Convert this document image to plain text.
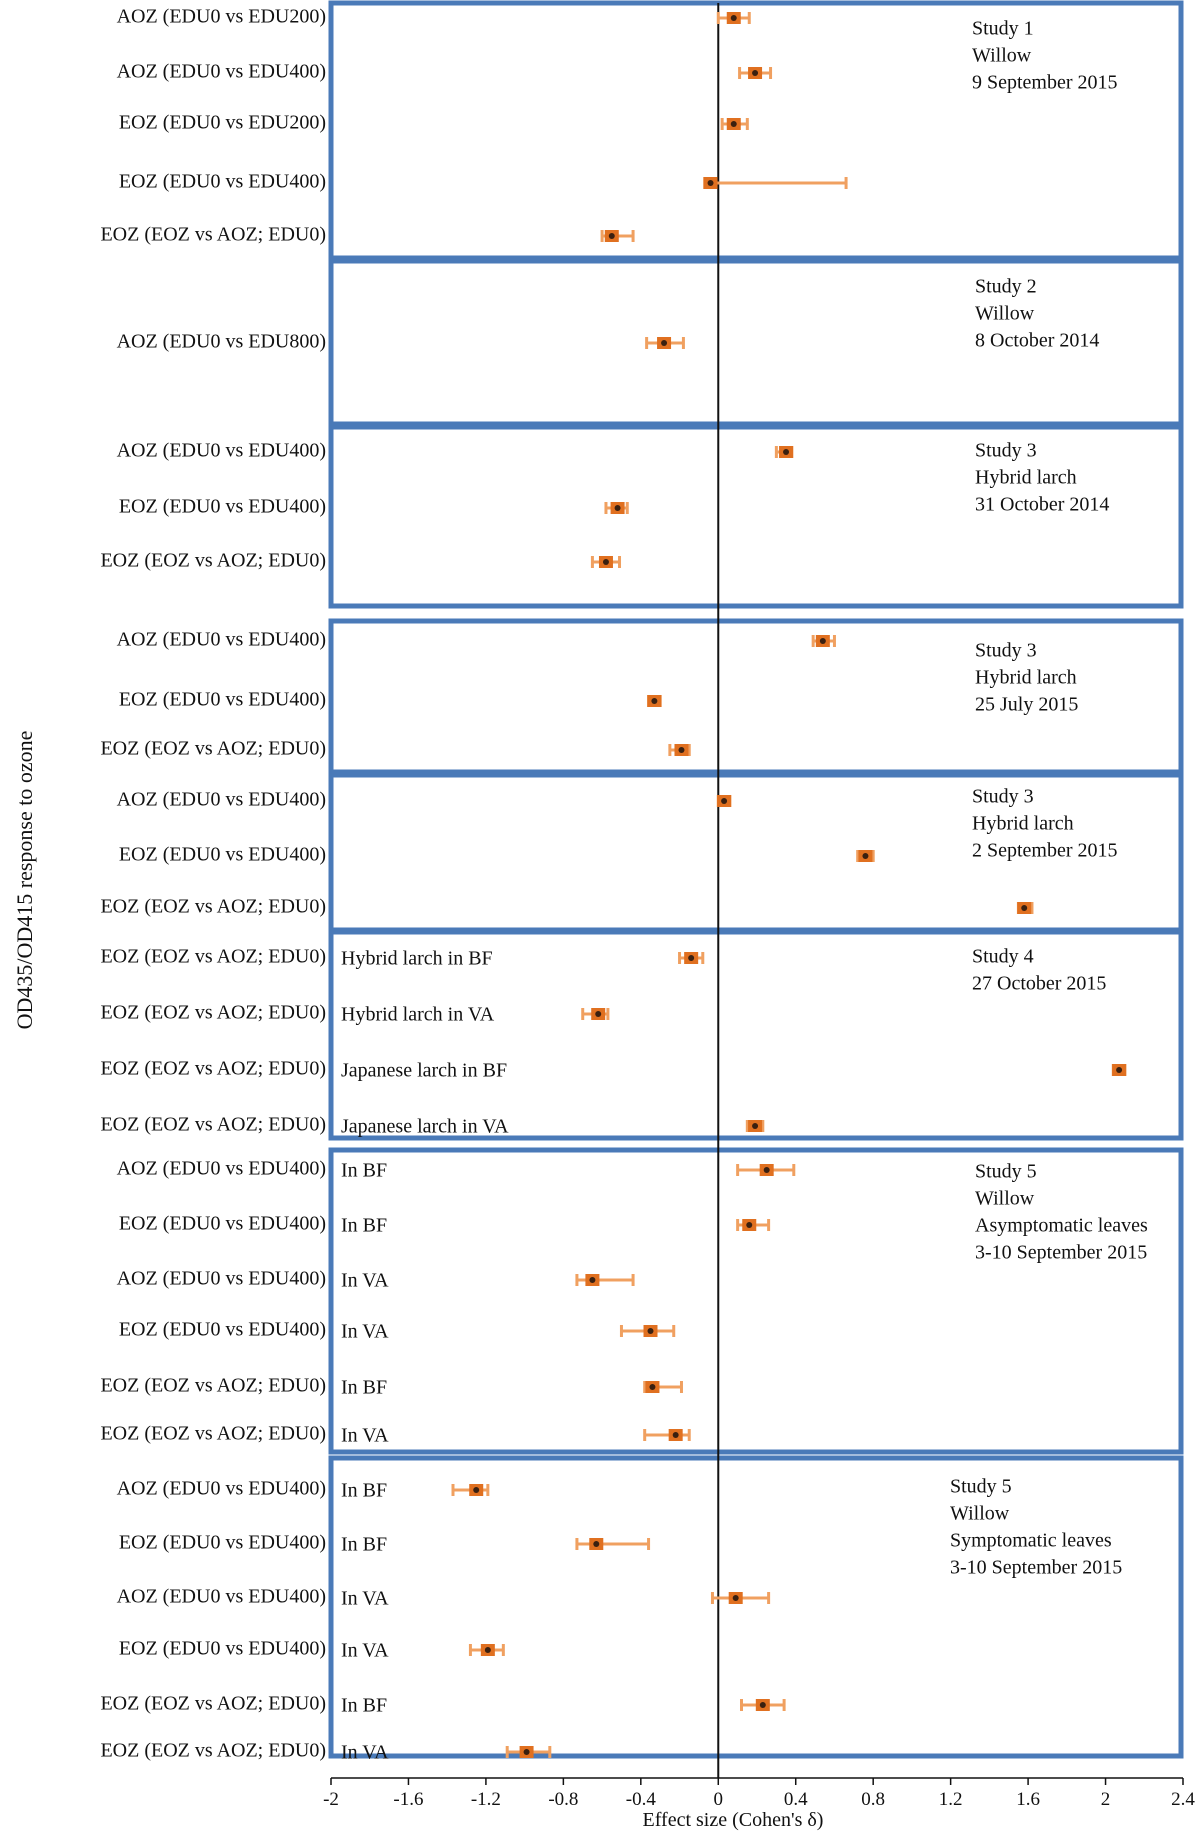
AOZ (EDU0 vs EDU200)
AOZ (EDU0 vs EDU400)
EOZ (EDU0 vs EDU200)
EOZ (EDU0 vs EDU400)
EOZ (EOZ vs AOZ; EDU0)
AOZ (EDU0 vs EDU800)
AOZ (EDU0 vs EDU400)
EOZ (EDU0 vs EDU400)
EOZ (EOZ vs AOZ; EDU0)
AOZ (EDU0 vs EDU400)
EOZ (EDU0 vs EDU400)
EOZ (EOZ vs AOZ; EDU0)
AOZ (EDU0 vs EDU400)
EOZ (EDU0 vs EDU400)
EOZ (EOZ vs AOZ; EDU0)
EOZ (EOZ vs AOZ; EDU0) Hybrid larch in BF
EOZ (EOZ vs AOZ; EDU0) Hybrid larch in VA
EOZ (EOZ vs AOZ; EDU0) Japanese larch in BF
EOZ (EOZ vs AOZ; EDU0) Japanese larch in VA
AOZ (EDU0 vs EDU400) In BF
EOZ (EDU0 vs EDU400) In BF
AOZ (EDU0 vs EDU400) In VA
EOZ (EDU0 vs EDU400) In VA
EOZ (EOZ vs AOZ; EDU0) In BF
EOZ (EOZ vs AOZ; EDU0) In VA
AOZ (EDU0 vs EDU400) In BF
EOZ (EDU0 vs EDU400) In BF
AOZ (EDU0 vs EDU400) In VA
EOZ (EDU0 vs EDU400) In VA
EOZ (EOZ vs AOZ; EDU0) In BF
EOZ (EOZ vs AOZ; EDU0) In VA
Study 1
Willow
9 September 2015
Study 2
Willow
8 October 2014
Study 3
Hybrid larch
31 October 2014
Study 3
Hybrid larch
25 July 2015
Study 3
Hybrid larch
2 September 2015
Study 4
27 October 2015
Study 5
Willow
Asymptomatic leaves
3-10 September 2015
Study 5
Willow
Symptomatic leaves
3-10 September 2015
-2	-1.6 -1.2 -0.8 -0.4	0	0.4	0.8	1.2	1.6	2	2.4
Effect size (Cohen's δ)
OD435/OD415 response to ozone
